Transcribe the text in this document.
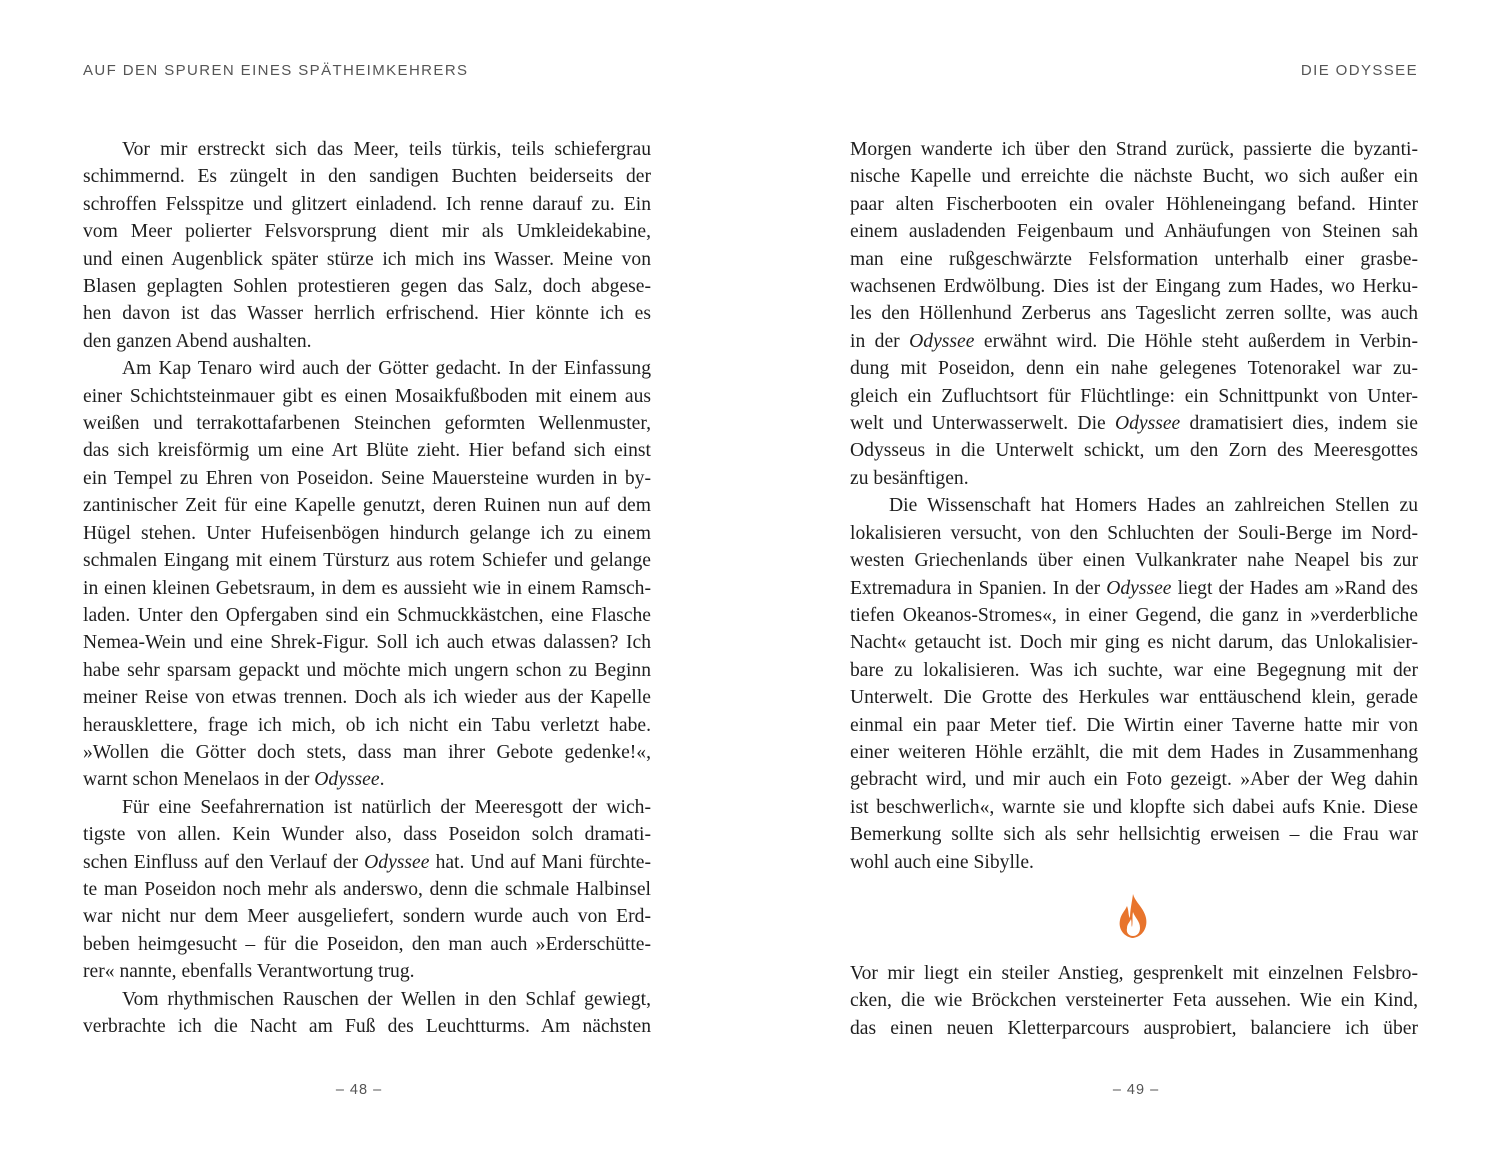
AUF DEN SPUREN EINES SPÄTHEIMKEHRERS
Vor mir erstreckt sich das Meer, teils türkis, teils schiefergrau
schimmernd. Es züngelt in den sandigen Buchten beiderseits der
schroffen Felsspitze und glitzert einladend. Ich renne darauf zu. Ein
vom Meer polierter Felsvorsprung dient mir als Umkleidekabine,
und einen Augenblick später stürze ich mich ins Wasser. Meine von
Blasen geplagten Sohlen protestieren gegen das Salz, doch abgese-
hen davon ist das Wasser herrlich erfrischend. Hier könnte ich es
den ganzen Abend aushalten.
Am Kap Tenaro wird auch der Götter gedacht. In der Einfassung
einer Schichtsteinmauer gibt es einen Mosaikfußboden mit einem aus
weißen und terrakottafarbenen Steinchen geformten Wellenmuster,
das sich kreisförmig um eine Art Blüte zieht. Hier befand sich einst
ein Tempel zu Ehren von Poseidon. Seine Mauersteine wurden in by-
zantinischer Zeit für eine Kapelle genutzt, deren Ruinen nun auf dem
Hügel stehen. Unter Hufeisenbögen hindurch gelange ich zu einem
schmalen Eingang mit einem Türsturz aus rotem Schiefer und gelange
in einen kleinen Gebetsraum, in dem es aussieht wie in einem Ramsch-
laden. Unter den Opfergaben sind ein Schmuckkästchen, eine Flasche
Nemea-Wein und eine Shrek-Figur. Soll ich auch etwas dalassen? Ich
habe sehr sparsam gepackt und möchte mich ungern schon zu Beginn
meiner Reise von etwas trennen. Doch als ich wieder aus der Kapelle
herausklettere, frage ich mich, ob ich nicht ein Tabu verletzt habe.
»Wollen die Götter doch stets, dass man ihrer Gebote gedenke!«,
warnt schon Menelaos in der Odyssee.
Für eine Seefahrernation ist natürlich der Meeresgott der wich-
tigste von allen. Kein Wunder also, dass Poseidon solch dramati-
schen Einfluss auf den Verlauf der Odyssee hat. Und auf Mani fürchte-
te man Poseidon noch mehr als anderswo, denn die schmale Halbinsel
war nicht nur dem Meer ausgeliefert, sondern wurde auch von Erd-
beben heimgesucht – für die Poseidon, den man auch »Erderschütte-
rer« nannte, ebenfalls Verantwortung trug.
Vom rhythmischen Rauschen der Wellen in den Schlaf gewiegt,
verbrachte ich die Nacht am Fuß des Leuchtturms. Am nächsten
– 48 –
DIE ODYSSEE
Morgen wanderte ich über den Strand zurück, passierte die byzanti-
nische Kapelle und erreichte die nächste Bucht, wo sich außer ein
paar alten Fischerbooten ein ovaler Höhleneingang befand. Hinter
einem ausladenden Feigenbaum und Anhäufungen von Steinen sah
man eine rußgeschwärzte Felsformation unterhalb einer grasbe-
wachsenen Erdwölbung. Dies ist der Eingang zum Hades, wo Herku-
les den Höllenhund Zerberus ans Tageslicht zerren sollte, was auch
in der Odyssee erwähnt wird. Die Höhle steht außerdem in Verbin-
dung mit Poseidon, denn ein nahe gelegenes Totenorakel war zu-
gleich ein Zufluchtsort für Flüchtlinge: ein Schnittpunkt von Unter-
welt und Unterwasserwelt. Die Odyssee dramatisiert dies, indem sie
Odysseus in die Unterwelt schickt, um den Zorn des Meeresgottes
zu besänftigen.
Die Wissenschaft hat Homers Hades an zahlreichen Stellen zu
lokalisieren versucht, von den Schluchten der Souli-Berge im Nord-
westen Griechenlands über einen Vulkankrater nahe Neapel bis zur
Extremadura in Spanien. In der Odyssee liegt der Hades am »Rand des
tiefen Okeanos-Stromes«, in einer Gegend, die ganz in »verderbliche
Nacht« getaucht ist. Doch mir ging es nicht darum, das Unlokalisier-
bare zu lokalisieren. Was ich suchte, war eine Begegnung mit der
Unterwelt. Die Grotte des Herkules war enttäuschend klein, gerade
einmal ein paar Meter tief. Die Wirtin einer Taverne hatte mir von
einer weiteren Höhle erzählt, die mit dem Hades in Zusammenhang
gebracht wird, und mir auch ein Foto gezeigt. »Aber der Weg dahin
ist beschwerlich«, warnte sie und klopfte sich dabei aufs Knie. Diese
Bemerkung sollte sich als sehr hellsichtig erweisen – die Frau war
wohl auch eine Sibylle.
Vor mir liegt ein steiler Anstieg, gesprenkelt mit einzelnen Felsbro-
cken, die wie Bröckchen versteinerter Feta aussehen. Wie ein Kind,
das einen neuen Kletterparcours ausprobiert, balanciere ich über
– 49 –
